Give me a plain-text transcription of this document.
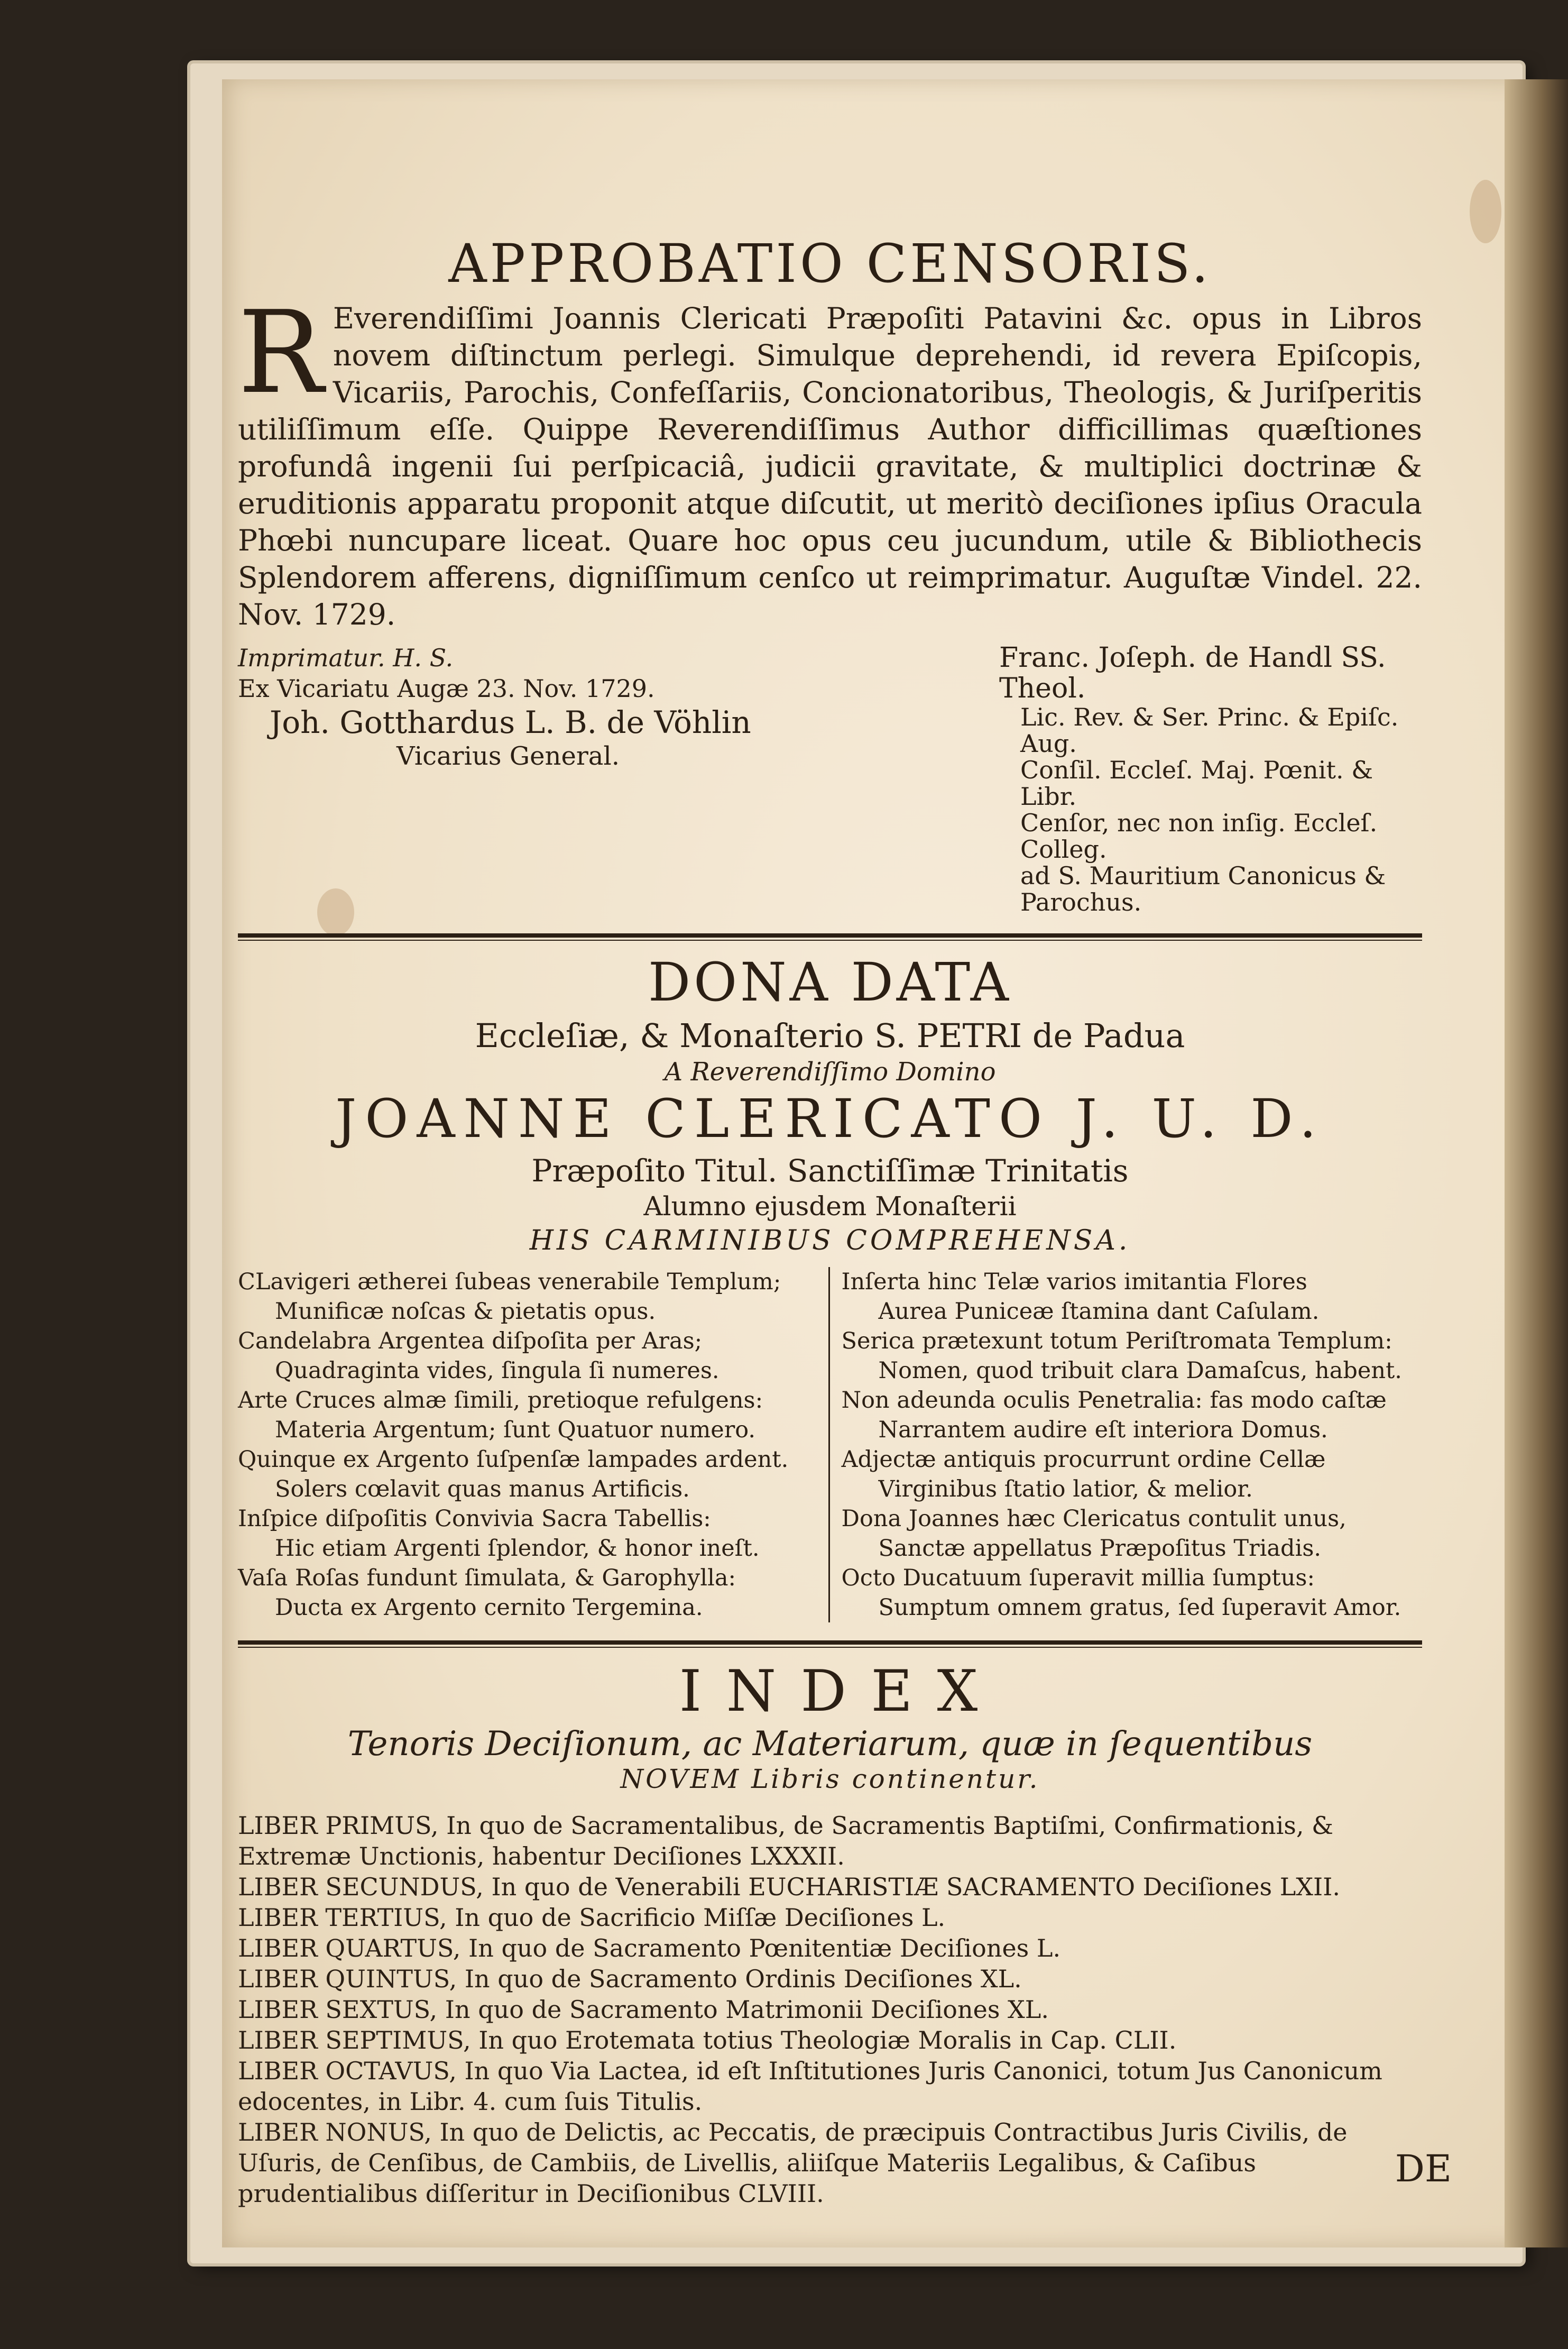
APPROBATIO CENSORIS.
R Everendiſſimi Joannis Clericati Præpoſiti Patavini &c. opus in Libros novem diſtinctum perlegi. Simulque deprehendi, id revera Epiſcopis, Vicariis, Parochis, Confeſſariis, Concionatoribus, Theologis, & Juriſperitis utiliſſimum eſſe. Quippe Reverendiſſimus Author difficillimas quæſtiones profundâ ingenii ſui perſpicaciâ, judicii gravitate, & multiplici doctrinæ & eruditionis apparatu proponit atque diſcutit, ut meritò deciſiones ipſius Oracula Phœbi nuncupare liceat. Quare hoc opus ceu jucundum, utile & Bibliothecis Splendorem afferens, digniſſimum cenſco ut reimprimatur. Auguſtæ Vindel. 22. Nov. 1729.

Imprimatur. H. S.
Ex Vicariatu Augæ 23. Nov. 1729.
Joh. Gotthardus L. B. de Vöhlin
Vicarius General.
Franc. Joſeph. de Handl SS. Theol.
Lic. Rev. & Ser. Princ. & Epiſc. Aug.
Conſil. Eccleſ. Maj. Pœnit. & Libr.
Cenſor, nec non inſig. Eccleſ. Colleg.
ad S. Mauritium Canonicus & Parochus.
DONA DATA
Eccleſiæ, & Monaſterio S. PETRI de Padua
A Reverendiſſimo Domino
JOANNE CLERICATO J. U. D.
Præpoſito Titul. Sanctiſſimæ Trinitatis
Alumno ejusdem Monaſterii
HIS CARMINIBUS COMPREHENSA.
CLavigeri ætherei ſubeas venerabile Templum;
Munificæ noſcas & pietatis opus.
Candelabra Argentea diſpoſita per Aras;
Quadraginta vides, ſingula ſi numeres.
Arte Cruces almæ ſimili, pretioque refulgens:
Materia Argentum; ſunt Quatuor numero.
Quinque ex Argento ſuſpenſæ lampades ardent.
Solers cœlavit quas manus Artificis.
Inſpice diſpoſitis Convivia Sacra Tabellis:
Hic etiam Argenti ſplendor, & honor ineſt.
Vaſa Roſas fundunt ſimulata, & Garophylla:
Ducta ex Argento cernito Tergemina.
Inſerta hinc Telæ varios imitantia Flores
Aurea Puniceæ ſtamina dant Caſulam.
Serica prætexunt totum Periſtromata Templum:
Nomen, quod tribuit clara Damaſcus, habent.
Non adeunda oculis Penetralia: fas modo caſtæ
Narrantem audire eſt interiora Domus.
Adjectæ antiquis procurrunt ordine Cellæ
Virginibus ſtatio latior, & melior.
Dona Joannes hæc Clericatus contulit unus,
Sanctæ appellatus Præpoſitus Triadis.
Octo Ducatuum ſuperavit millia ſumptus:
Sumptum omnem gratus, ſed ſuperavit Amor.
I N D E X
Tenoris Deciſionum, ac Materiarum, quæ in ſequentibus
NOVEM Libris continentur.

LIBER PRIMUS, In quo de Sacramentalibus, de Sacramentis Baptiſmi, Confirmationis, & Extremæ Unctionis, habentur Deciſiones LXXXII.

LIBER SECUNDUS, In quo de Venerabili EUCHARISTIÆ SACRAMENTO Deciſiones LXII.

LIBER TERTIUS, In quo de Sacrificio Miſſæ Deciſiones L.

LIBER QUARTUS, In quo de Sacramento Pœnitentiæ Deciſiones L.

LIBER QUINTUS, In quo de Sacramento Ordinis Deciſiones XL.

LIBER SEXTUS, In quo de Sacramento Matrimonii Deciſiones XL.

LIBER SEPTIMUS, In quo Erotemata totius Theologiæ Moralis in Cap. CLII.

LIBER OCTAVUS, In quo Via Lactea, id eſt Inſtitutiones Juris Canonici, totum Jus Canonicum edocentes, in Libr. 4. cum ſuis Titulis.

LIBER NONUS, In quo de Delictis, ac Peccatis, de præcipuis Contractibus Juris Civilis, de Uſuris, de Cenſibus, de Cambiis, de Livellis, aliiſque Materiis Legalibus, & Caſibus prudentialibus diſſeritur in Deciſionibus CLVIII.

DE
